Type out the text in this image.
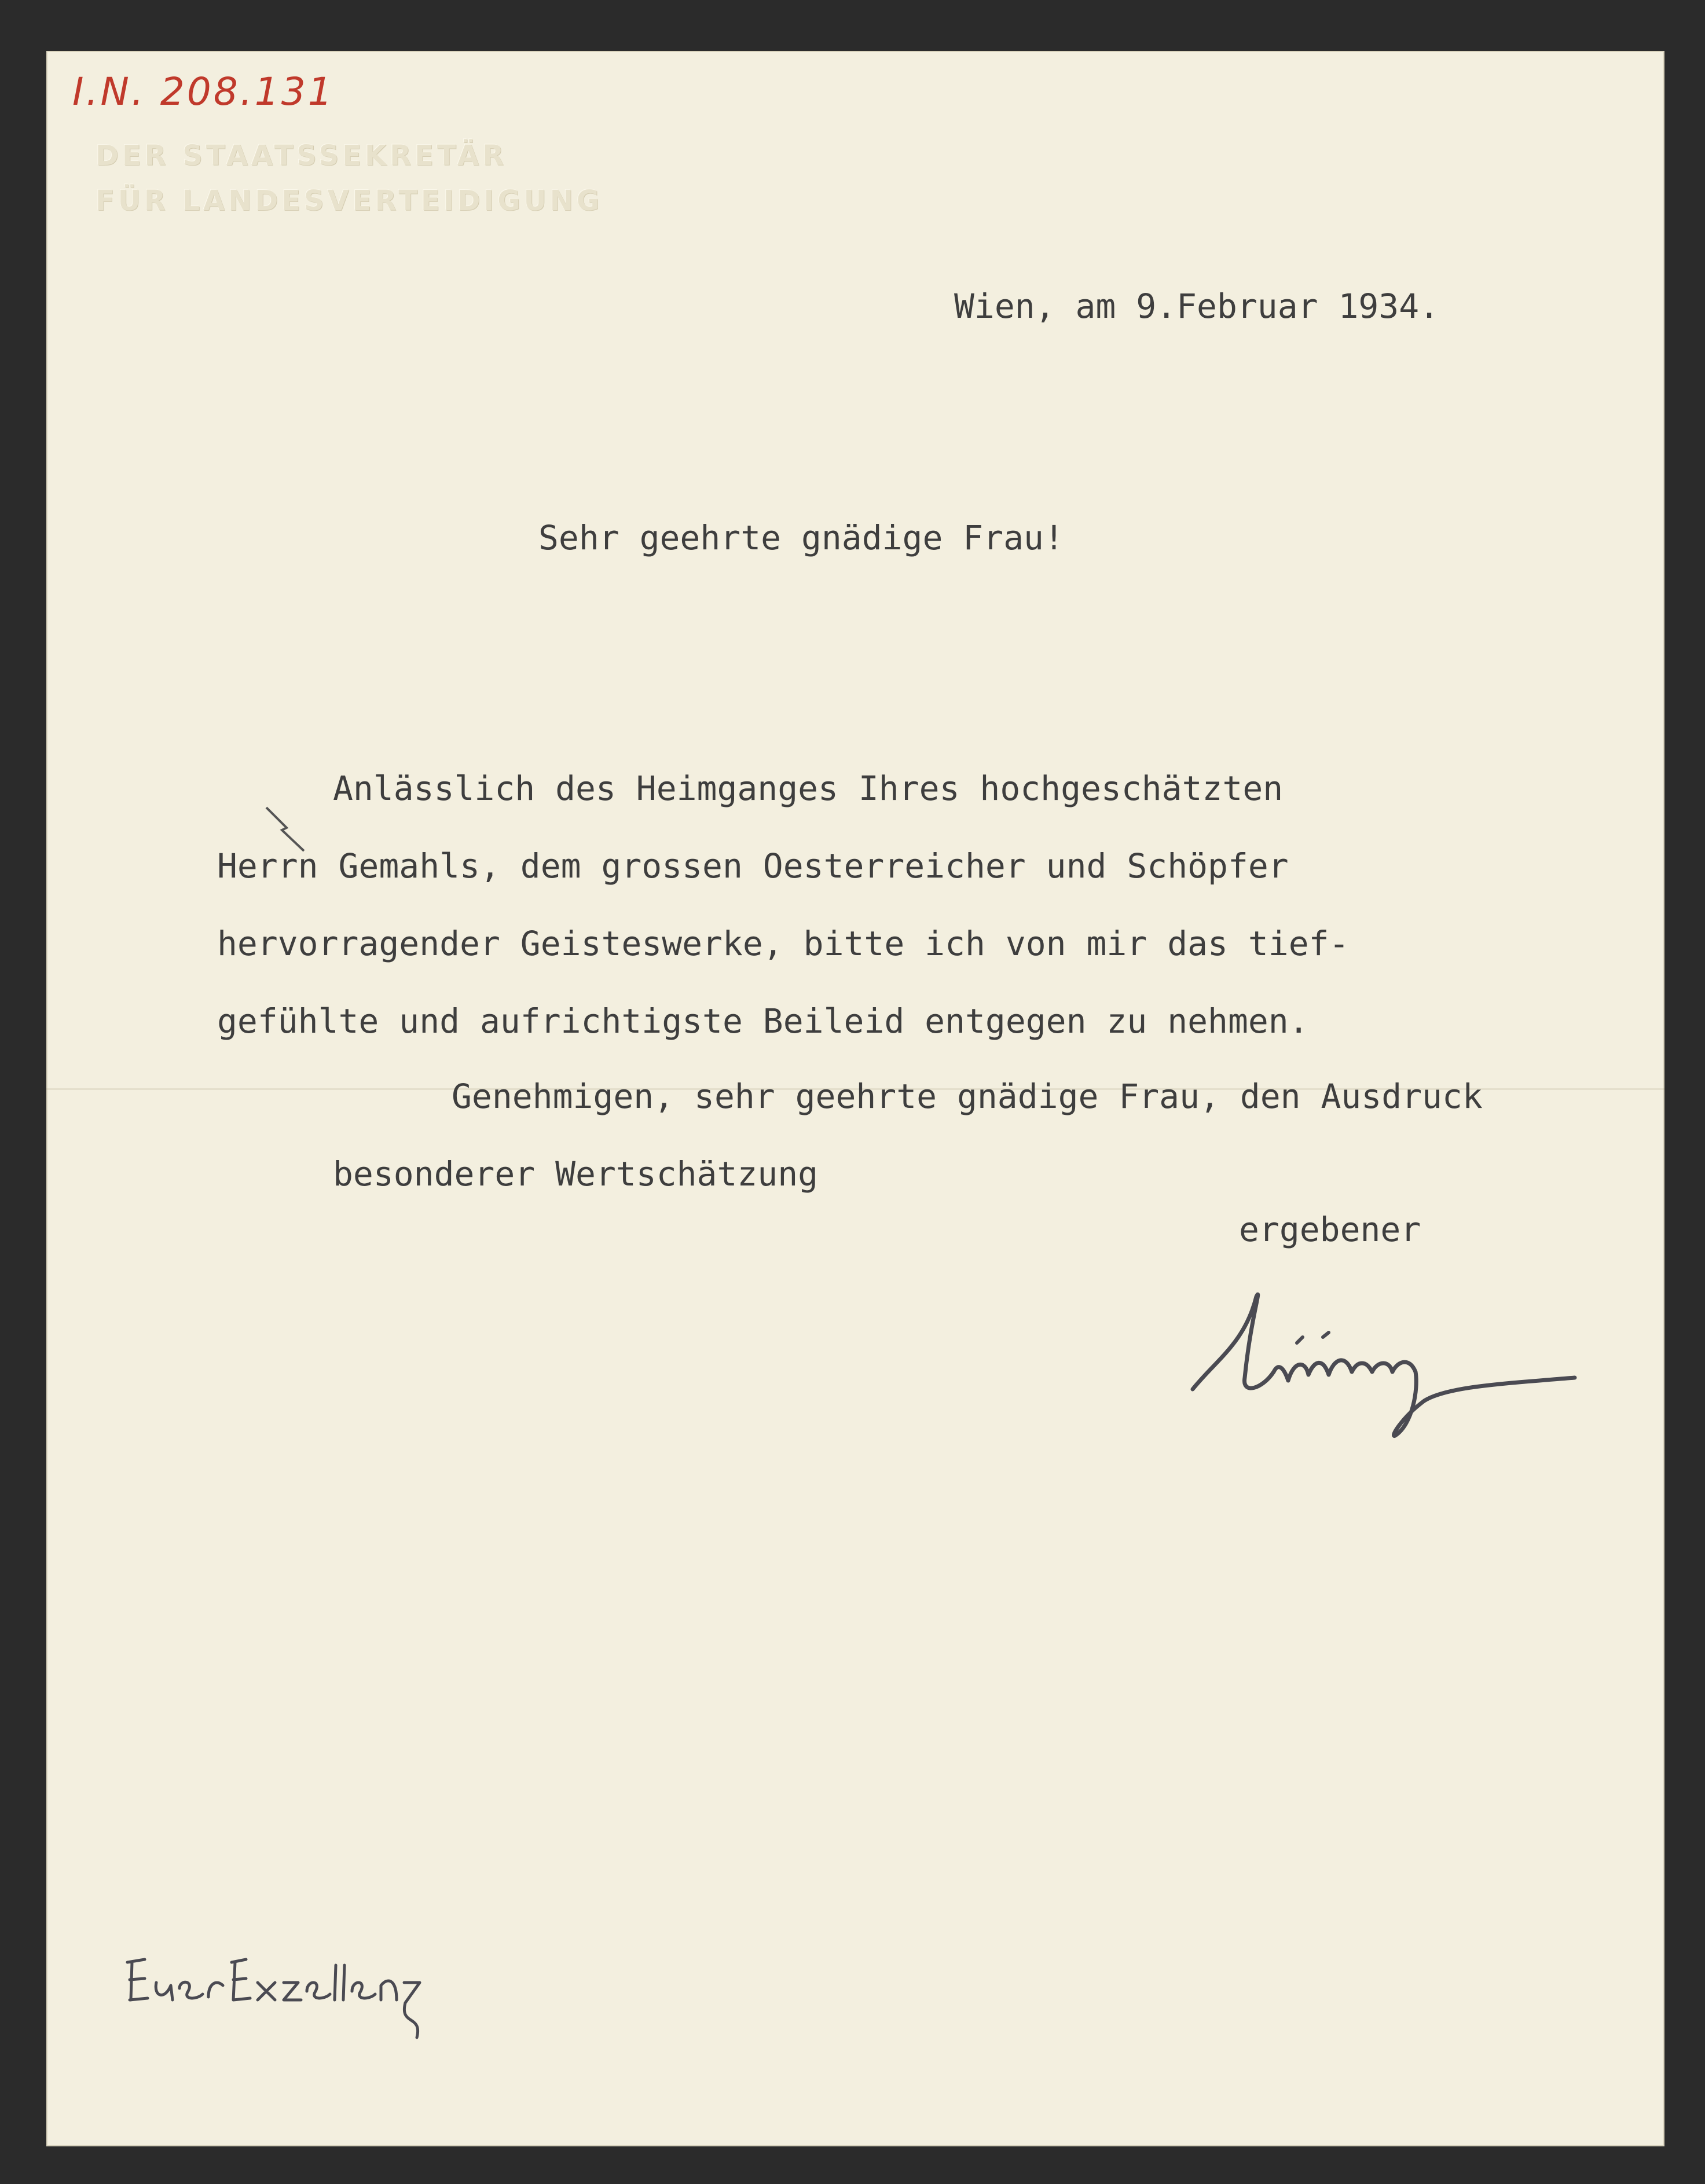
I.N. 208.131
DER STAATSSEKRETÄR
FÜR LANDESVERTEIDIGUNG
Wien, am 9.Februar 1934.
Sehr geehrte gnädige Frau!
Anlässlich des Heimganges Ihres hochgeschätzten
Herrn Gemahls, dem grossen Oesterreicher und Schöpfer
hervorragender Geisteswerke, bitte ich von mir das tief-
gefühlte und aufrichtigste Beileid entgegen zu nehmen.
Genehmigen, sehr geehrte gnädige Frau, den Ausdruck
besonderer Wertschätzung
ergebener
